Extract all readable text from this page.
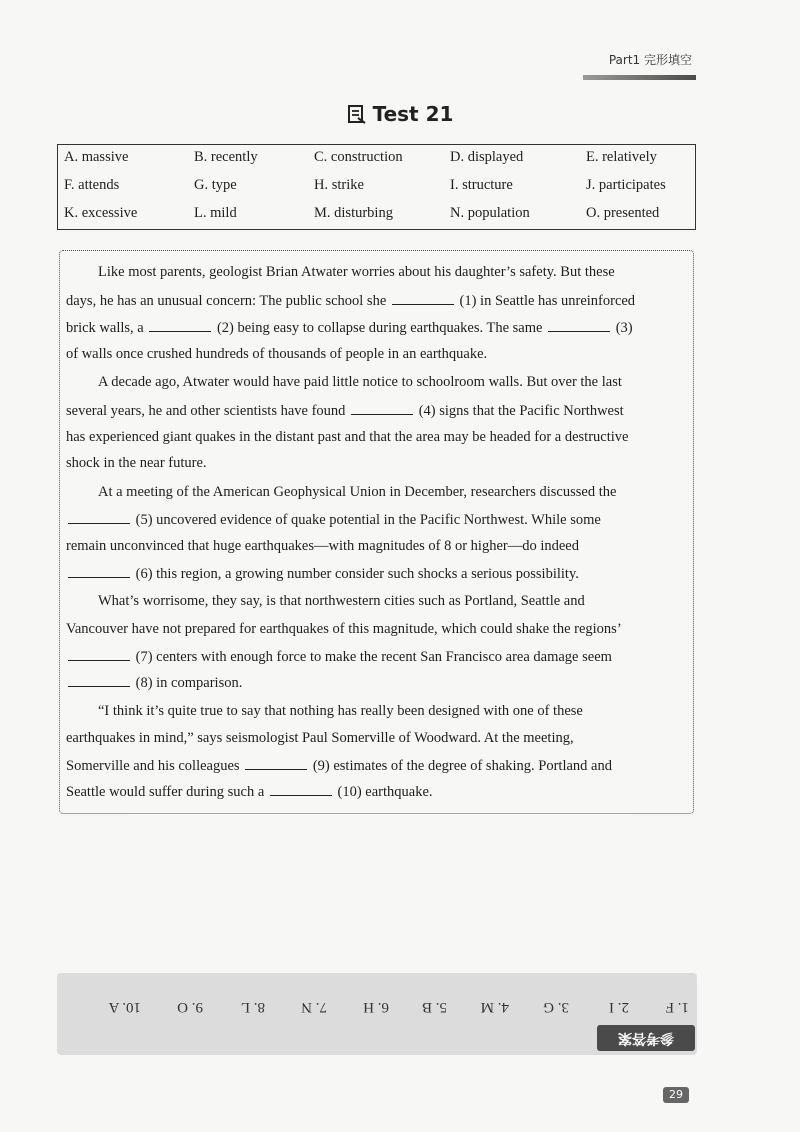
Part1 完形填空
Test 21
A. massive	B. recently	C. construction	D. displayed	E. relatively
F. attends	G. type	H. strike	I. structure	J. participates
K. excessive	L. mild	M. disturbing	N. population	O. presented
Like most parents, geologist Brian Atwater worries about his daughter’s safety. But these
days, he has an unusual concern: The public school she	(1) in Seattle has unreinforced
brick walls, a	(2) being easy to collapse during earthquakes. The same	(3)
of walls once crushed hundreds of thousands of people in an earthquake.
A decade ago, Atwater would have paid little notice to schoolroom walls. But over the last
several years, he and other scientists have found	(4) signs that the Pacific Northwest
has experienced giant quakes in the distant past and that the area may be headed for a destructive
shock in the near future.
At a meeting of the American Geophysical Union in December, researchers discussed the
(5) uncovered evidence of quake potential in the Pacific Northwest. While some
remain unconvinced that huge earthquakes—with magnitudes of 8 or higher—do indeed
(6) this region, a growing number consider such shocks a serious possibility.
What’s worrisome, they say, is that northwestern cities such as Portland, Seattle and
Vancouver have not prepared for earthquakes of this magnitude, which could shake the regions’
(7) centers with enough force to make the recent San Francisco area damage seem
(8) in comparison.
“I think it’s quite true to say that nothing has really been designed with one of these
earthquakes in mind,” says seismologist Paul Somerville of Woodward. At the meeting,
Somerville and his colleagues	(9) estimates of the degree of shaking. Portland and
Seattle would suffer during such a	(10) earthquake.
1. F
2. I
3. G
4. M
5. B
6. H
7. N
8. L
9. O
10. A
参考答案
29
